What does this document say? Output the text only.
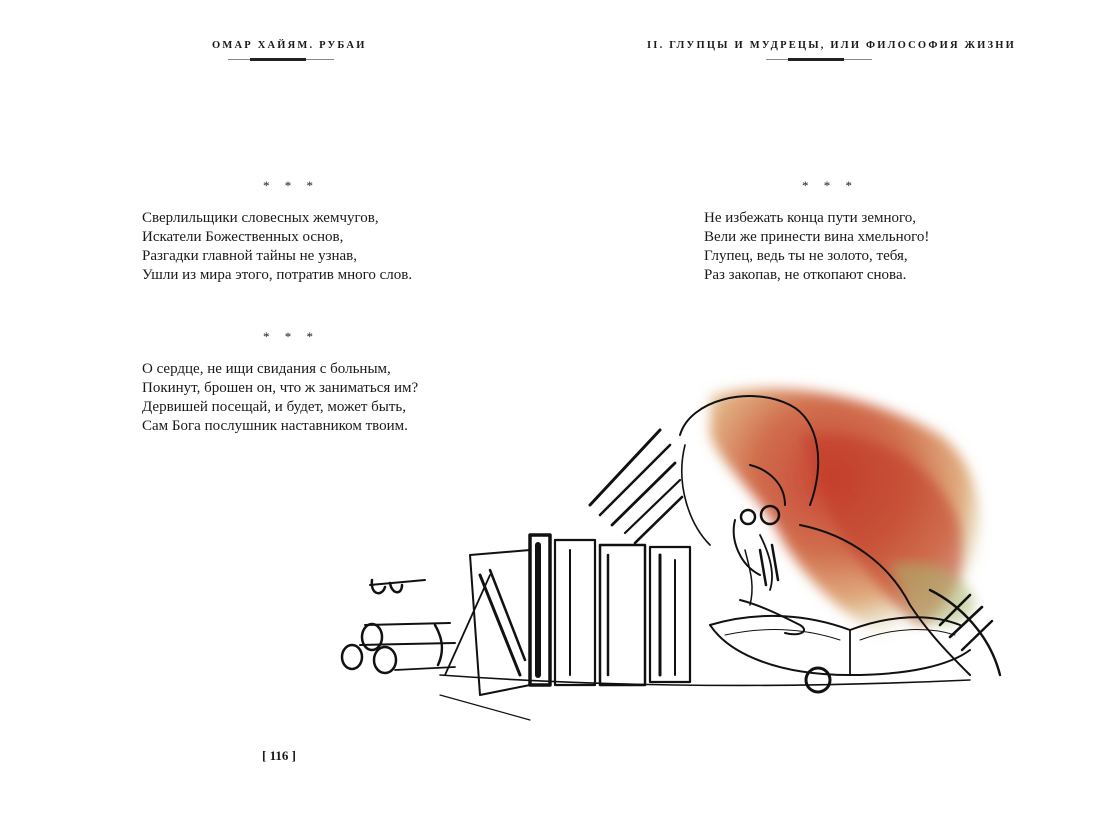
ОМАР ХАЙЯМ. РУБАИ
* * *
Сверлильщики словесных жемчугов,
Искатели Божественных основ,
Разгадки главной тайны не узнав,
Ушли из мира этого, потратив много слов.
* * *
О сердце, не ищи свидания с больным,
Покинут, брошен он, что ж заниматься им?
Дервишей посещай, и будет, может быть,
Сам Бога послушник наставником твоим.
[ 116 ]
II. ГЛУПЦЫ И МУДРЕЦЫ, ИЛИ ФИЛОСОФИЯ ЖИЗНИ
* * *
Не избежать конца пути земного,
Вели же принести вина хмельного!
Глупец, ведь ты не золото, тебя,
Раз закопав, не откопают снова.
